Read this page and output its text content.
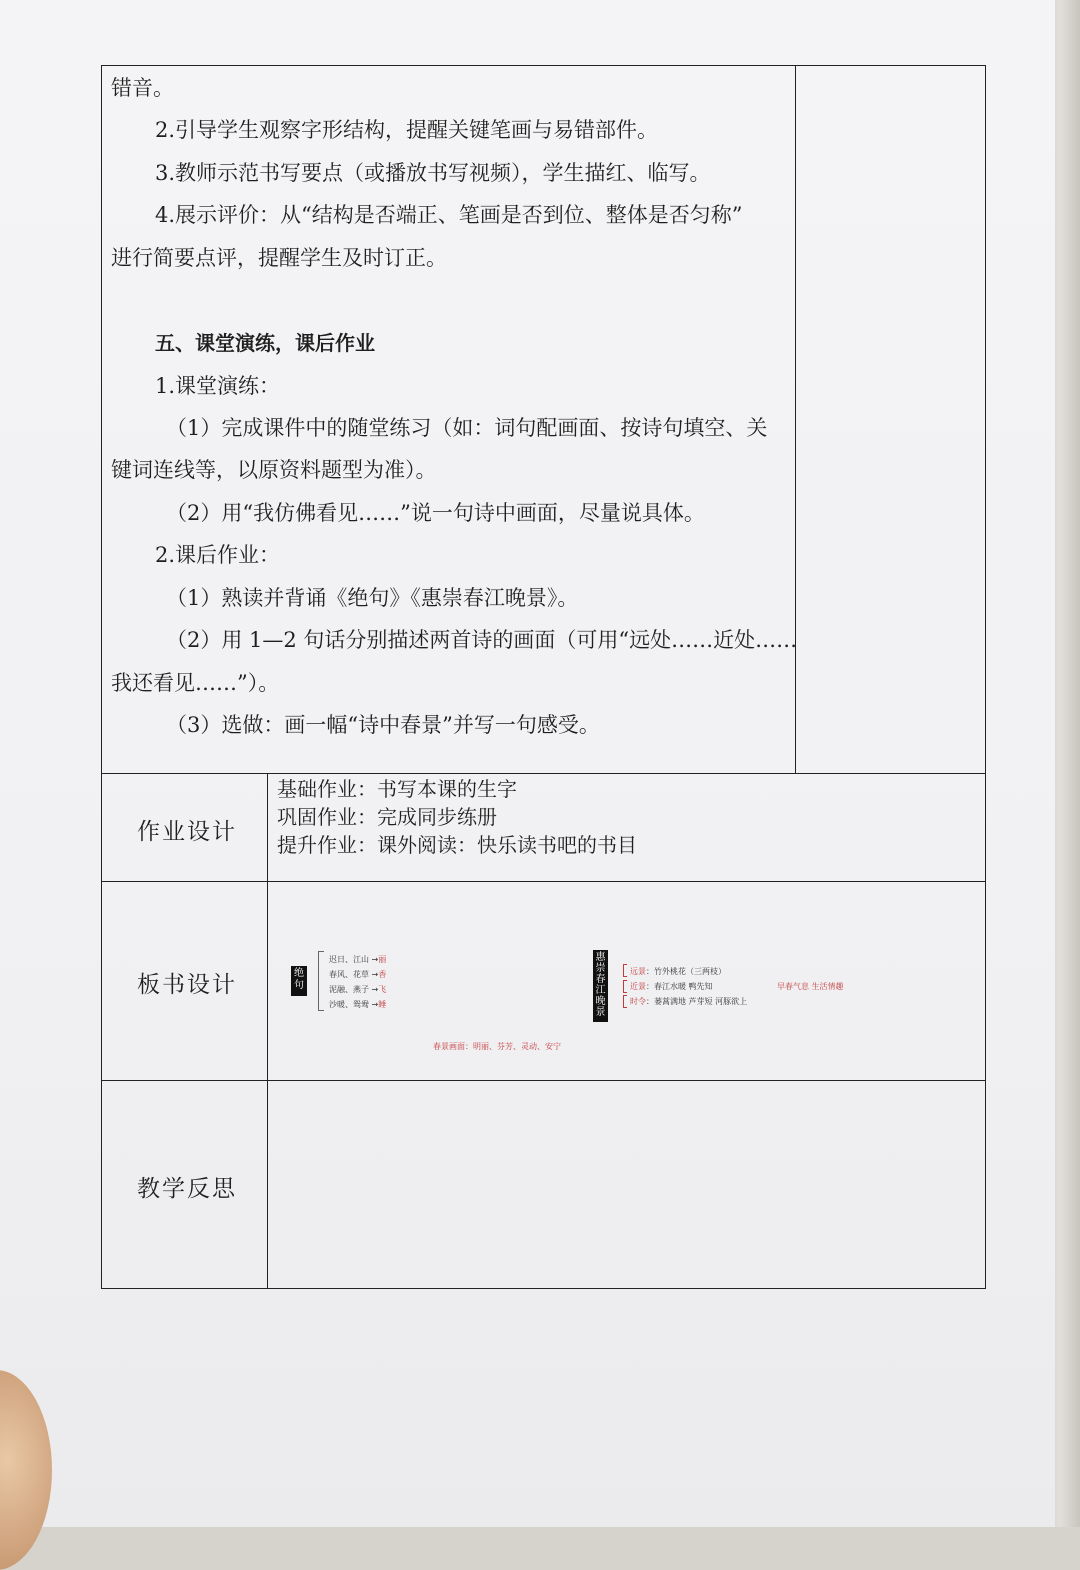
错音。
2.引导学生观察字形结构，提醒关键笔画与易错部件。
3.教师示范书写要点（或播放书写视频），学生描红、临写。
4.展示评价：从“结构是否端正、笔画是否到位、整体是否匀称”
进行简要点评，提醒学生及时订正。
五、课堂演练，课后作业
1.课堂演练：
（1）完成课件中的随堂练习（如：词句配画面、按诗句填空、关
键词连线等，以原资料题型为准）。
（2）用“我仿佛看见……”说一句诗中画面，尽量说具体。
2.课后作业：
（1）熟读并背诵《绝句》《惠崇春江晚景》。
（2）用 1—2 句话分别描述两首诗的画面（可用“远处……近处……
我还看见……”）。
（3）选做：画一幅“诗中春景”并写一句感受。
作业设计
基础作业：书写本课的生字
巩固作业：完成同步练册
提升作业：课外阅读：快乐读书吧的书目
板书设计	绝句
迟日、江山 →丽
春风、花草 →香
泥融、燕子 →飞
沙暖、鸳鸯 →睡
春景画面：明丽、芬芳、灵动、安宁
惠崇春江晚景
远景：竹外桃花（三两枝）
近景：春江水暖 鸭先知
时令：蒌蒿满地 芦芽短 河豚欲上
早春气息 生活情趣
教学反思
